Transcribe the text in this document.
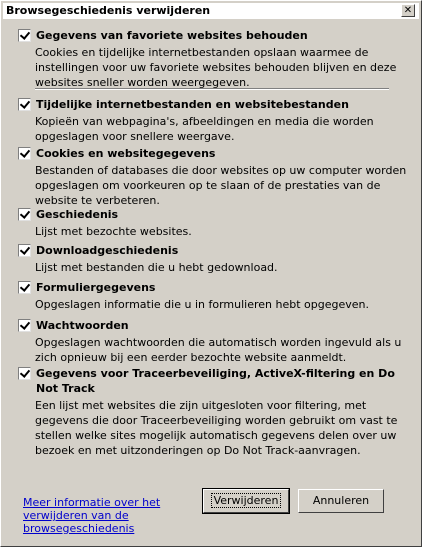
Browsegeschiedenis verwijderen	✕
Gegevens van favoriete websites behouden
Cookies en tijdelijke internetbestanden opslaan waarmee de instellingen voor uw favoriete websites behouden blijven en deze websites sneller worden weergegeven.
Tijdelijke internetbestanden en websitebestanden
Kopieën van webpagina's, afbeeldingen en media die worden opgeslagen voor snellere weergave.
Cookies en websitegegevens
Bestanden of databases die door websites op uw computer worden opgeslagen om voorkeuren op te slaan of de prestaties van de website te verbeteren.
Geschiedenis
Lijst met bezochte websites.
Downloadgeschiedenis
Lijst met bestanden die u hebt gedownload.
Formuliergegevens
Opgeslagen informatie die u in formulieren hebt opgegeven.
Wachtwoorden
Opgeslagen wachtwoorden die automatisch worden ingevuld als u zich opnieuw bij een eerder bezochte website aanmeldt.
Gegevens voor Traceerbeveiliging, ActiveX-filtering en Do Not Track
Een lijst met websites die zijn uitgesloten voor filtering, met gegevens die door Traceerbeveiliging worden gebruikt om vast te stellen welke sites mogelijk automatisch gegevens delen over uw bezoek en met uitzonderingen op Do Not Track-aanvragen.
Meer informatie over het verwijderen van de browsegeschiedenis
Verwijderen	Annuleren
